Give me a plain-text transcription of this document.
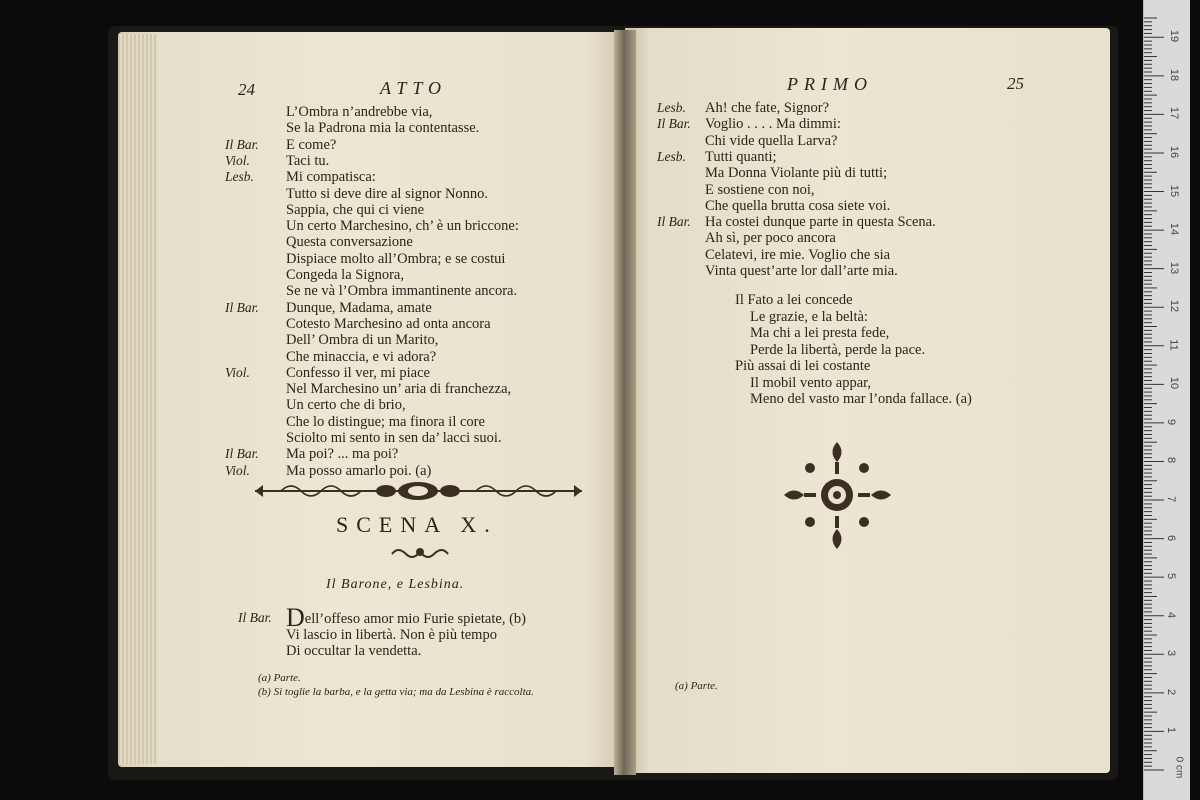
24	ATTO
L’Ombra n’andrebbe via,
Se la Padrona mia la contentasse.
Il Bar. E come?
Viol. Taci tu.
Lesb. Mi compatisca:
Tutto si deve dire al signor Nonno.
Sappia, che qui ci viene
Un certo Marchesino, ch’ è un briccone:
Questa conversazione
Dispiace molto all’Ombra; e se costui
Congeda la Signora,
Se ne và l’Ombra immantinente ancora.
Il Bar. Dunque, Madama, amate
Cotesto Marchesino ad onta ancora
Dell’ Ombra di un Marito,
Che minaccia, e vi adora?
Viol. Confesso il ver, mi piace
Nel Marchesino un’ aria di franchezza,
Un certo che di brio,
Che lo distingue; ma finora il core
Sciolto mi sento in sen da’ lacci suoi.
Il Bar. Ma poi? ... ma poi?
Viol. Ma posso amarlo poi. (a)
SCENA X.
Il Barone, e Lesbina.
Il Bar. Dell’offeso amor mio Furie spietate, (b)
Vi lascio in libertà. Non è più tempo
Di occultar la vendetta.
(a) Parte.
(b) Si toglie la barba, e la getta via; ma da Lesbina è raccolta.
PRIMO	25
Lesb. Ah! che fate, Signor?
Il Bar. Voglio . . . . Ma dimmi:
Chi vide quella Larva?
Lesb. Tutti quanti;
Ma Donna Violante più di tutti;
E sostiene con noi,
Che quella brutta cosa siete voi.
Il Bar. Ha costei dunque parte in questa Scena.
Ah sì, per poco ancora
Celatevi, ire mie. Voglio che sia
Vinta quest’arte lor dall’arte mia.
Il Fato a lei concede
Le grazie, e la beltà:
Ma chi a lei presta fede,
Perde la libertà, perde la pace.
Più assai di lei costante
Il mobil vento appar,
Meno del vasto mar l’onda fallace. (a)
(a) Parte.
19
18
17
16
15
14
13
12
11
10
9
8
7
6
5
4
3
2
1
0 cm
